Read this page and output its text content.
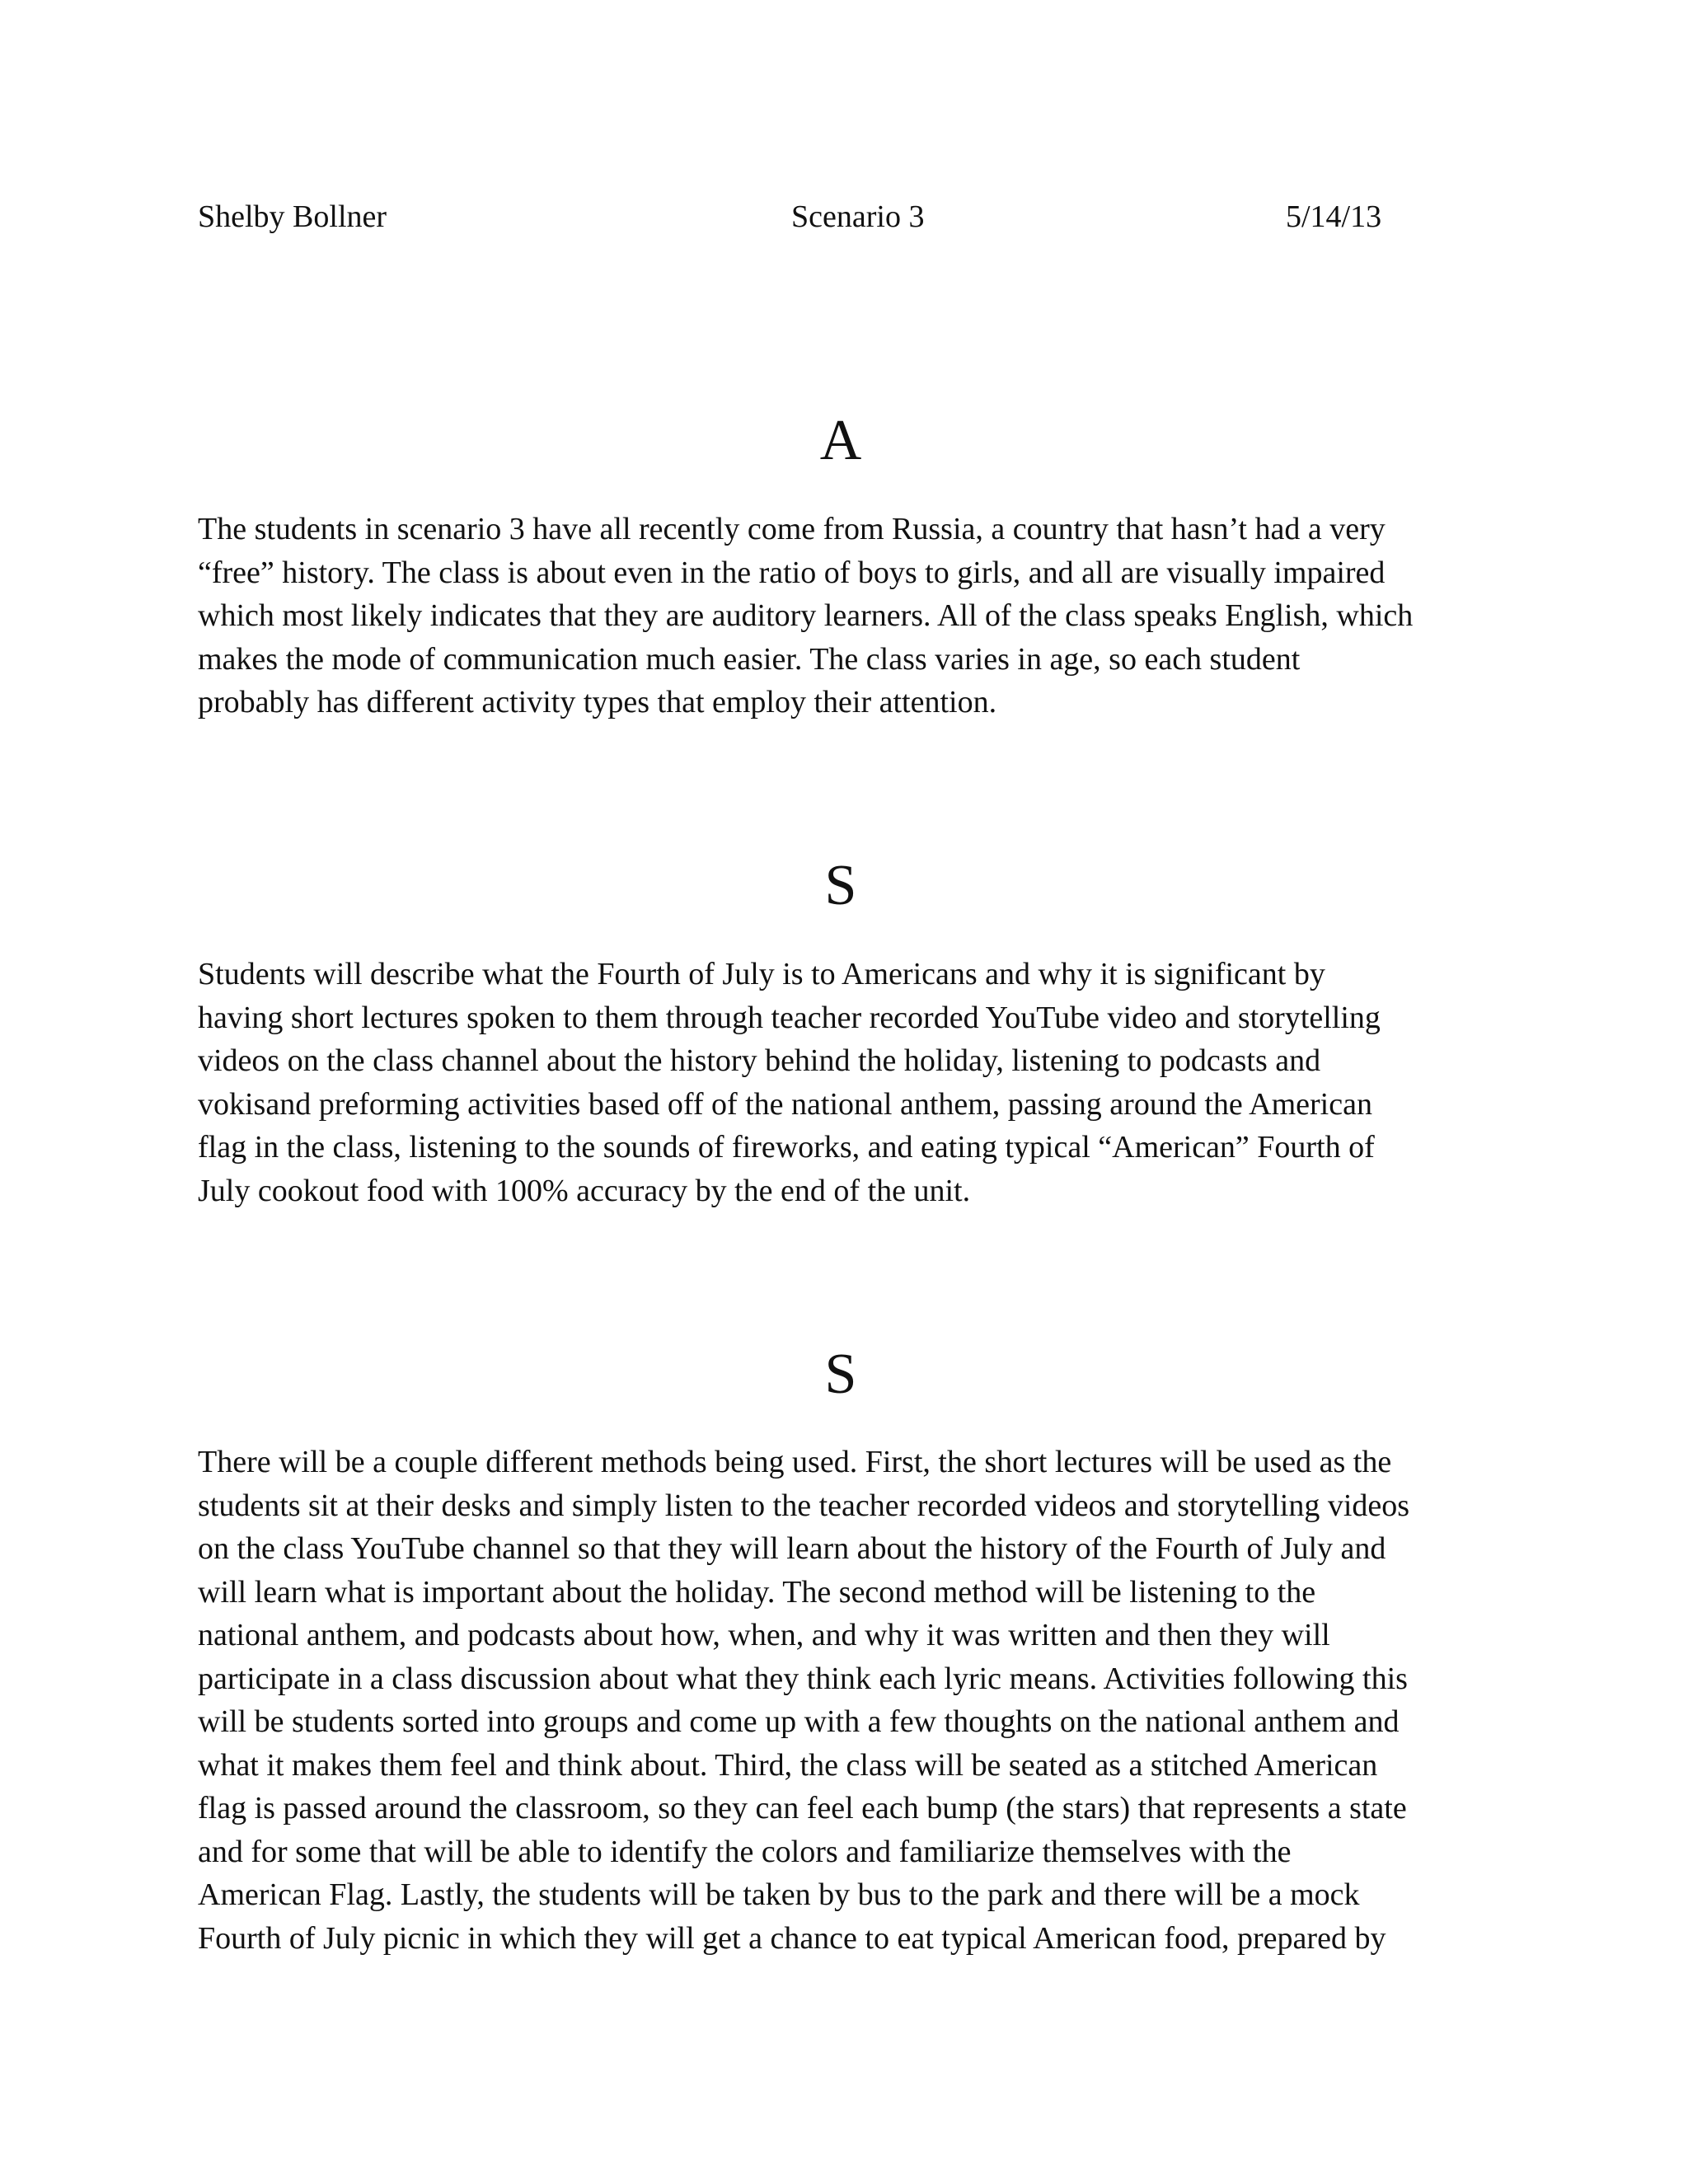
Shelby Bollner	Scenario 3	5/14/13
A
The students in scenario 3 have all recently come from Russia, a country that hasn’t had a very
“free” history. The class is about even in the ratio of boys to girls, and all are visually impaired
which most likely indicates that they are auditory learners. All of the class speaks English, which
makes the mode of communication much easier. The class varies in age, so each student
probably has different activity types that employ their attention.
S
Students will describe what the Fourth of July is to Americans and why it is significant by
having short lectures spoken to them through teacher recorded YouTube video and storytelling
videos on the class channel about the history behind the holiday, listening to podcasts and
vokisand preforming activities based off of the national anthem, passing around the American
flag in the class, listening to the sounds of fireworks, and eating typical “American” Fourth of
July cookout food with 100% accuracy by the end of the unit.
S
There will be a couple different methods being used. First, the short lectures will be used as the
students sit at their desks and simply listen to the teacher recorded videos and storytelling videos
on the class YouTube channel so that they will learn about the history of the Fourth of July and
will learn what is important about the holiday. The second method will be listening to the
national anthem, and podcasts about how, when, and why it was written and then they will
participate in a class discussion about what they think each lyric means. Activities following this
will be students sorted into groups and come up with a few thoughts on the national anthem and
what it makes them feel and think about. Third, the class will be seated as a stitched American
flag is passed around the classroom, so they can feel each bump (the stars) that represents a state
and for some that will be able to identify the colors and familiarize themselves with the
American Flag. Lastly, the students will be taken by bus to the park and there will be a mock
Fourth of July picnic in which they will get a chance to eat typical American food, prepared by
